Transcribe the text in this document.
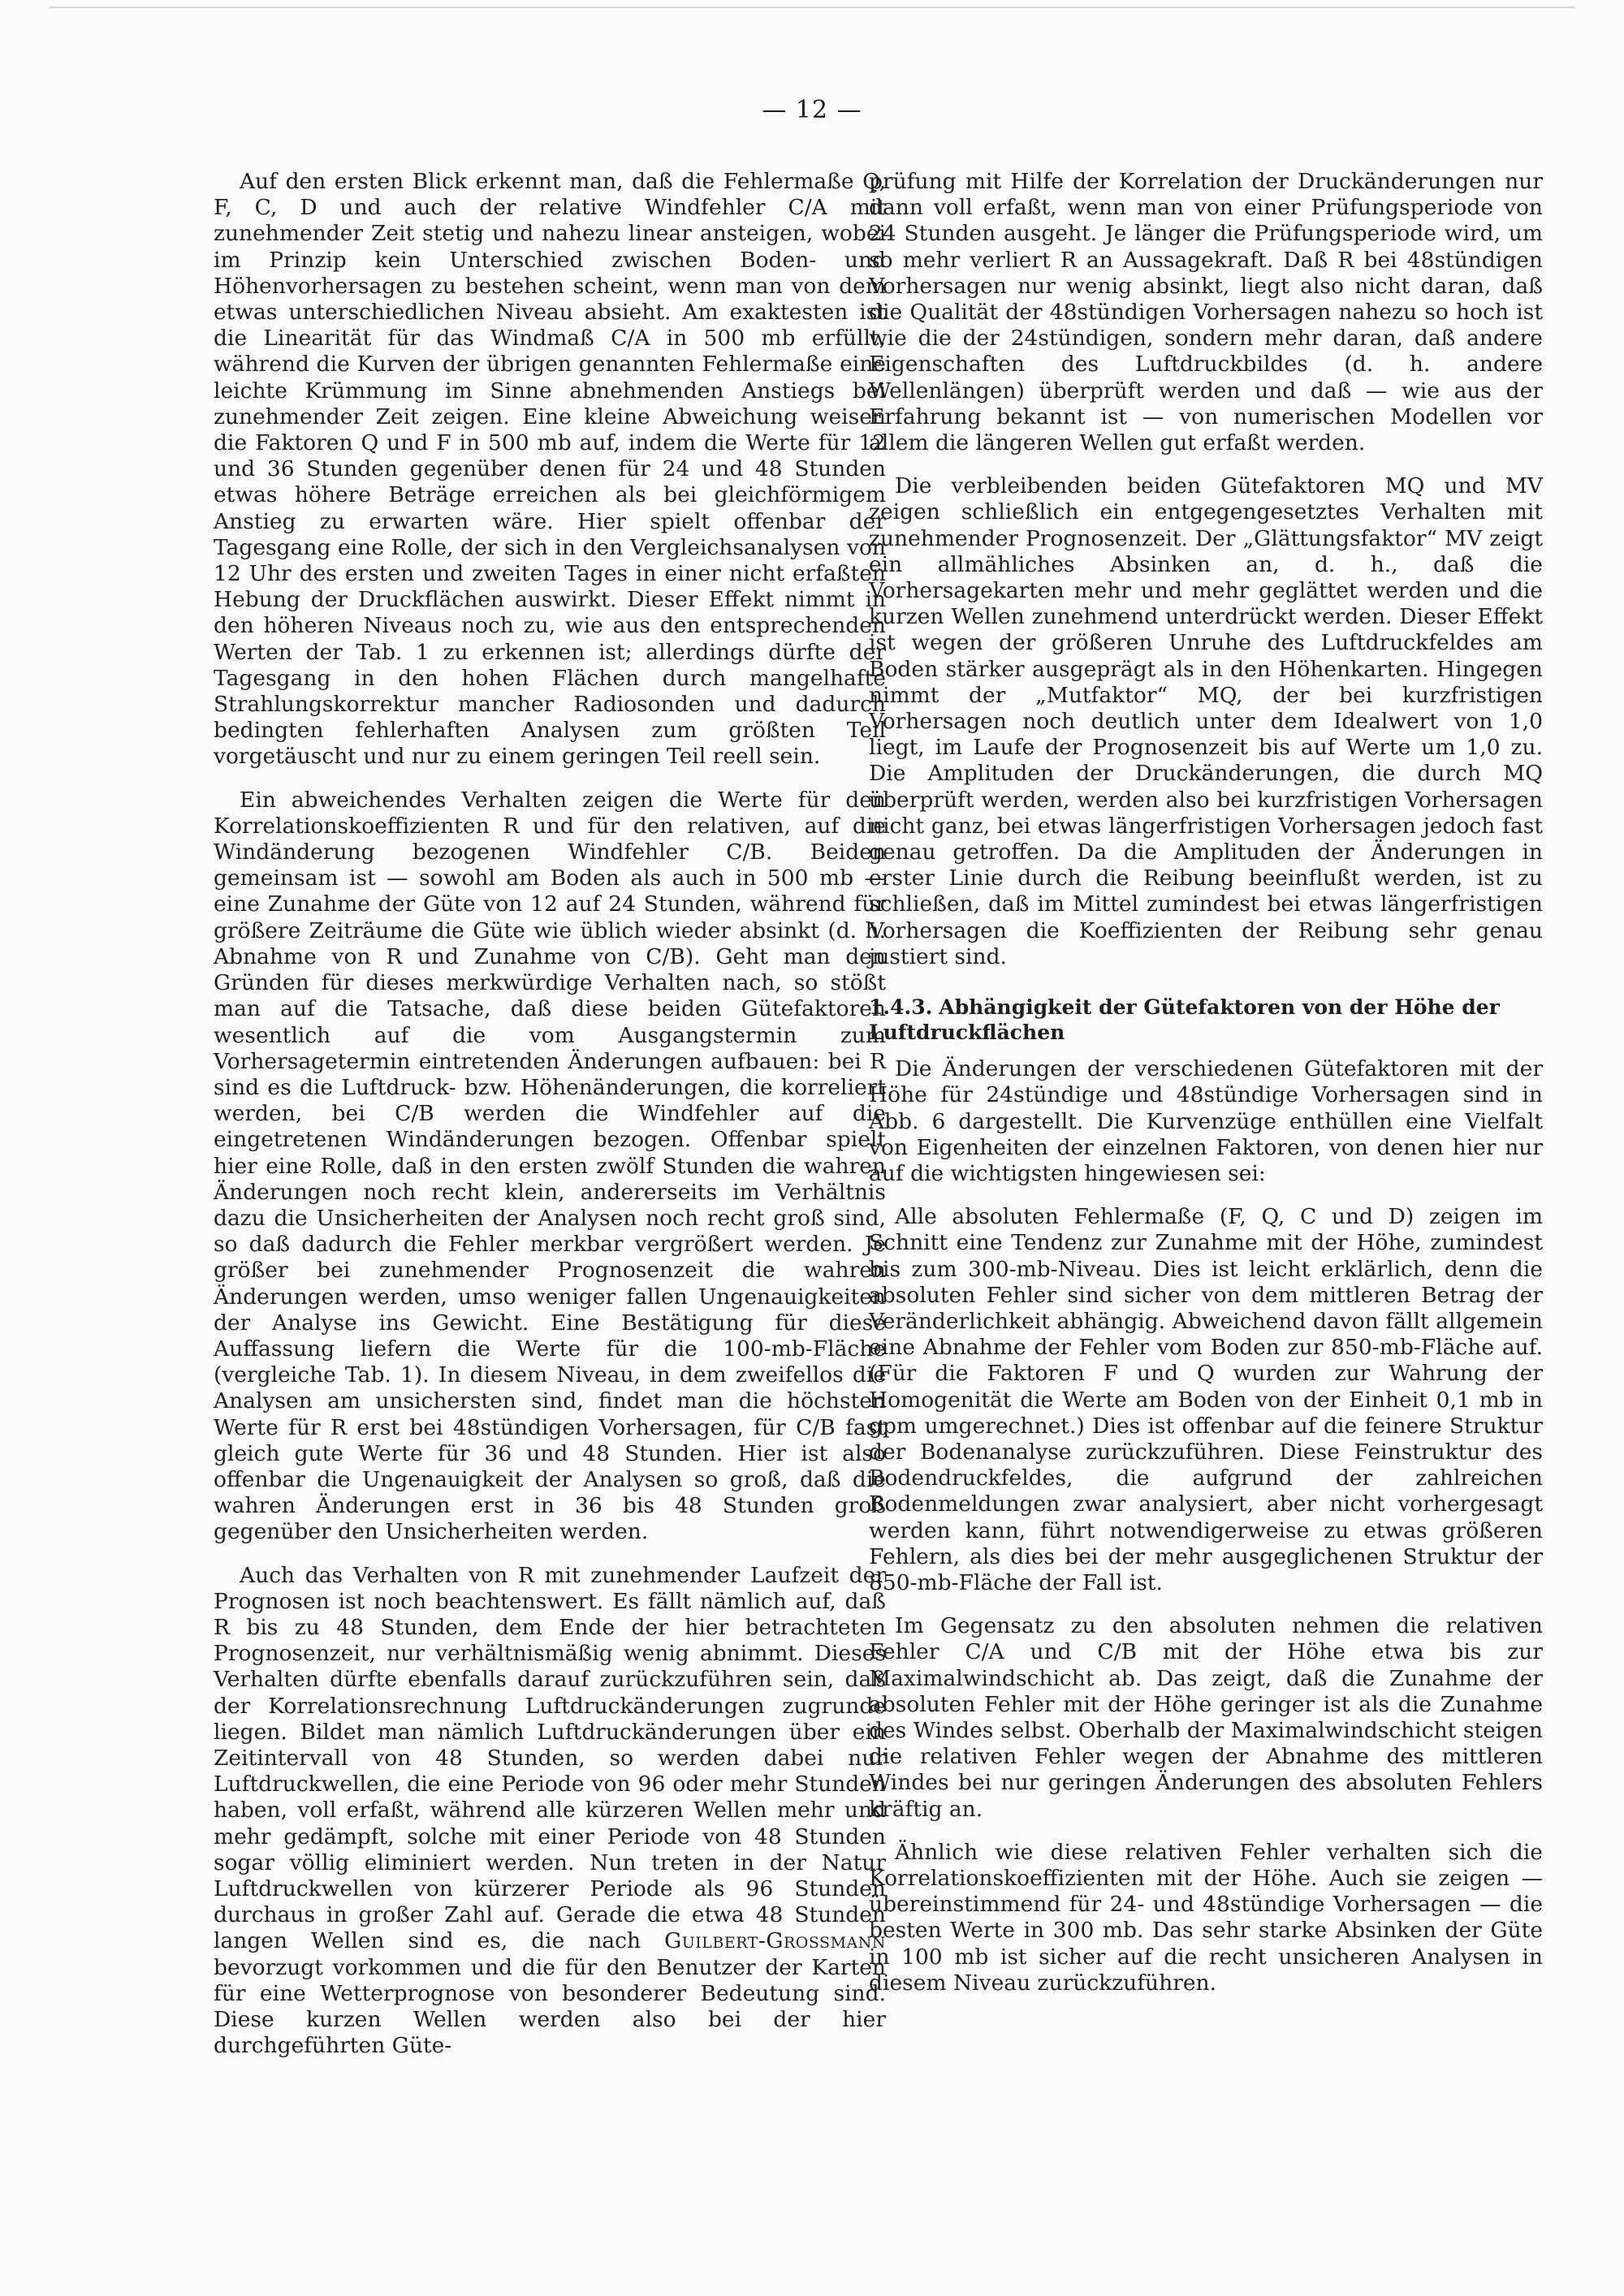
— 12 —

Auf den ersten Blick erkennt man, daß die Fehlermaße Q, F, C, D und auch der relative Windfehler C/A mit zunehmender Zeit stetig und nahezu linear ansteigen, wobei im Prinzip kein Unterschied zwischen Boden- und Höhenvorhersagen zu bestehen scheint, wenn man von dem etwas unterschiedlichen Niveau absieht. Am exaktesten ist die Linearität für das Windmaß C/A in 500 mb erfüllt, während die Kurven der übrigen genannten Fehlermaße eine leichte Krümmung im Sinne abnehmenden Anstiegs bei zunehmender Zeit zeigen. Eine kleine Abweichung weisen die Faktoren Q und F in 500 mb auf, indem die Werte für 12 und 36 Stunden gegenüber denen für 24 und 48 Stunden etwas höhere Beträge erreichen als bei gleichförmigem Anstieg zu erwarten wäre. Hier spielt offenbar der Tagesgang eine Rolle, der sich in den Vergleichsanalysen von 12 Uhr des ersten und zweiten Tages in einer nicht erfaßten Hebung der Druckflächen auswirkt. Dieser Effekt nimmt in den höheren Niveaus noch zu, wie aus den entsprechenden Werten der Tab. 1 zu erkennen ist; allerdings dürfte der Tagesgang in den hohen Flächen durch mangelhafte Strahlungskorrektur mancher Radiosonden und dadurch bedingten fehlerhaften Analysen zum größten Teil vorgetäuscht und nur zu einem geringen Teil reell sein.

Ein abweichendes Verhalten zeigen die Werte für den Korrelationskoeffizienten R und für den relativen, auf die Windänderung bezogenen Windfehler C/B. Beiden gemeinsam ist — sowohl am Boden als auch in 500 mb — eine Zunahme der Güte von 12 auf 24 Stunden, während für größere Zeiträume die Güte wie üblich wieder absinkt (d. h. Abnahme von R und Zunahme von C/B). Geht man den Gründen für dieses merkwürdige Verhalten nach, so stößt man auf die Tatsache, daß diese beiden Gütefaktoren wesentlich auf die vom Ausgangstermin zum Vorhersagetermin eintretenden Änderungen aufbauen: bei R sind es die Luftdruck- bzw. Höhenänderungen, die korreliert werden, bei C/B werden die Windfehler auf die eingetretenen Windänderungen bezogen. Offenbar spielt hier eine Rolle, daß in den ersten zwölf Stunden die wahren Änderungen noch recht klein, andererseits im Verhältnis dazu die Unsicherheiten der Analysen noch recht groß sind, so daß dadurch die Fehler merkbar vergrößert werden. Je größer bei zunehmender Prognosenzeit die wahren Änderungen werden, umso weniger fallen Ungenauigkeiten der Analyse ins Gewicht. Eine Bestätigung für diese Auffassung liefern die Werte für die 100-mb-Fläche (vergleiche Tab. 1). In diesem Niveau, in dem zweifellos die Analysen am unsichersten sind, findet man die höchsten Werte für R erst bei 48stündigen Vorhersagen, für C/B fast gleich gute Werte für 36 und 48 Stunden. Hier ist also offenbar die Ungenauigkeit der Analysen so groß, daß die wahren Änderungen erst in 36 bis 48 Stunden groß gegenüber den Unsicherheiten werden.

Auch das Verhalten von R mit zunehmender Laufzeit der Prognosen ist noch beachtenswert. Es fällt nämlich auf, daß R bis zu 48 Stunden, dem Ende der hier betrachteten Prognosenzeit, nur verhältnismäßig wenig abnimmt. Dieses Verhalten dürfte ebenfalls darauf zurückzuführen sein, daß der Korrelationsrechnung Luftdruckänderungen zugrunde liegen. Bildet man nämlich Luftdruckänderungen über ein Zeitintervall von 48 Stunden, so werden dabei nur Luftdruckwellen, die eine Periode von 96 oder mehr Stunden haben, voll erfaßt, während alle kürzeren Wellen mehr und mehr gedämpft, solche mit einer Periode von 48 Stunden sogar völlig eliminiert werden. Nun treten in der Natur Luftdruckwellen von kürzerer Periode als 96 Stunden durchaus in großer Zahl auf. Gerade die etwa 48 Stunden langen Wellen sind es, die nach Guilbert-Grossmann bevorzugt vorkommen und die für den Benutzer der Karten für eine Wetterprognose von besonderer Bedeutung sind. Diese kurzen Wellen werden also bei der hier durchgeführten Güte-

prüfung mit Hilfe der Korrelation der Druckänderungen nur dann voll erfaßt, wenn man von einer Prüfungsperiode von 24 Stunden ausgeht. Je länger die Prüfungsperiode wird, um so mehr verliert R an Aussagekraft. Daß R bei 48stündigen Vorhersagen nur wenig absinkt, liegt also nicht daran, daß die Qualität der 48stündigen Vorhersagen nahezu so hoch ist wie die der 24stündigen, sondern mehr daran, daß andere Eigenschaften des Luftdruckbildes (d. h. andere Wellenlängen) überprüft werden und daß — wie aus der Erfahrung bekannt ist — von numerischen Modellen vor allem die längeren Wellen gut erfaßt werden.

Die verbleibenden beiden Gütefaktoren MQ und MV zeigen schließlich ein entgegengesetztes Verhalten mit zunehmender Prognosenzeit. Der „Glättungsfaktor“ MV zeigt ein allmähliches Absinken an, d. h., daß die Vorhersagekarten mehr und mehr geglättet werden und die kurzen Wellen zunehmend unterdrückt werden. Dieser Effekt ist wegen der größeren Unruhe des Luftdruckfeldes am Boden stärker ausgeprägt als in den Höhenkarten. Hingegen nimmt der „Mutfaktor“ MQ, der bei kurzfristigen Vorhersagen noch deutlich unter dem Idealwert von 1,0 liegt, im Laufe der Prognosenzeit bis auf Werte um 1,0 zu. Die Amplituden der Druckänderungen, die durch MQ überprüft werden, werden also bei kurzfristigen Vorhersagen nicht ganz, bei etwas längerfristigen Vorhersagen jedoch fast genau getroffen. Da die Amplituden der Änderungen in erster Linie durch die Reibung beeinflußt werden, ist zu schließen, daß im Mittel zumindest bei etwas längerfristigen Vorhersagen die Koeffizienten der Reibung sehr genau justiert sind.

1.4.3. Abhängigkeit der Gütefaktoren von der Höhe der Luftdruckflächen

Die Änderungen der verschiedenen Gütefaktoren mit der Höhe für 24stündige und 48stündige Vorhersagen sind in Abb. 6 dargestellt. Die Kurvenzüge enthüllen eine Vielfalt von Eigenheiten der einzelnen Faktoren, von denen hier nur auf die wichtigsten hingewiesen sei:

Alle absoluten Fehlermaße (F, Q, C und D) zeigen im Schnitt eine Tendenz zur Zunahme mit der Höhe, zumindest bis zum 300-mb-Niveau. Dies ist leicht erklärlich, denn die absoluten Fehler sind sicher von dem mittleren Betrag der Veränderlichkeit abhängig. Abweichend davon fällt allgemein eine Abnahme der Fehler vom Boden zur 850-mb-Fläche auf. (Für die Faktoren F und Q wurden zur Wahrung der Homogenität die Werte am Boden von der Einheit 0,1 mb in gpm umgerechnet.) Dies ist offenbar auf die feinere Struktur der Bodenanalyse zurückzuführen. Diese Feinstruktur des Bodendruckfeldes, die aufgrund der zahlreichen Bodenmeldungen zwar analysiert, aber nicht vorhergesagt werden kann, führt notwendigerweise zu etwas größeren Fehlern, als dies bei der mehr ausgeglichenen Struktur der 850-mb-Fläche der Fall ist.

Im Gegensatz zu den absoluten nehmen die relativen Fehler C/A und C/B mit der Höhe etwa bis zur Maximalwindschicht ab. Das zeigt, daß die Zunahme der absoluten Fehler mit der Höhe geringer ist als die Zunahme des Windes selbst. Oberhalb der Maximalwindschicht steigen die relativen Fehler wegen der Abnahme des mittleren Windes bei nur geringen Änderungen des absoluten Fehlers kräftig an.

Ähnlich wie diese relativen Fehler verhalten sich die Korrelationskoeffizienten mit der Höhe. Auch sie zeigen — übereinstimmend für 24- und 48stündige Vorhersagen — die besten Werte in 300 mb. Das sehr starke Absinken der Güte in 100 mb ist sicher auf die recht unsicheren Analysen in diesem Niveau zurückzuführen.
